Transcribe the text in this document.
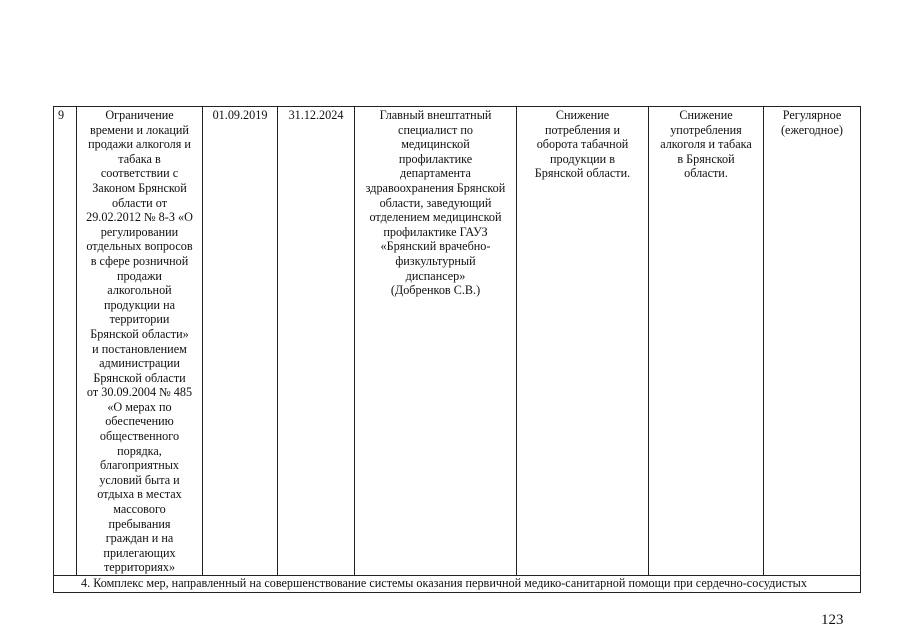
9	Ограничение
времени и локаций
продажи алкоголя и
табака в
соответствии с
Законом Брянской
области от
29.02.2012 № 8-З «О
регулировании
отдельных вопросов
в сфере розничной
продажи
алкогольной
продукции на
территории
Брянской области»
и постановлением
администрации
Брянской области
от 30.09.2004 № 485
«О мерах по
обеспечению
общественного
порядка,
благоприятных
условий быта и
отдыха в местах
массового
пребывания
граждан и на
прилегающих
территориях»	01.09.2019	31.12.2024	Главный внештатный
специалист по
медицинской
профилактике
департамента
здравоохранения Брянской
области, заведующий
отделением медицинской
профилактике ГАУЗ
«Брянский врачебно-
физкультурный
диспансер»
(Добренков С.В.)	Снижение
потребления и
оборота табачной
продукции в
Брянской области.	Снижение
употребления
алкоголя и табака
в Брянской
области.	Регулярное
(ежегодное)
4. Комплекс мер, направленный на совершенствование системы оказания первичной медико-санитарной помощи при сердечно-сосудистых
123
